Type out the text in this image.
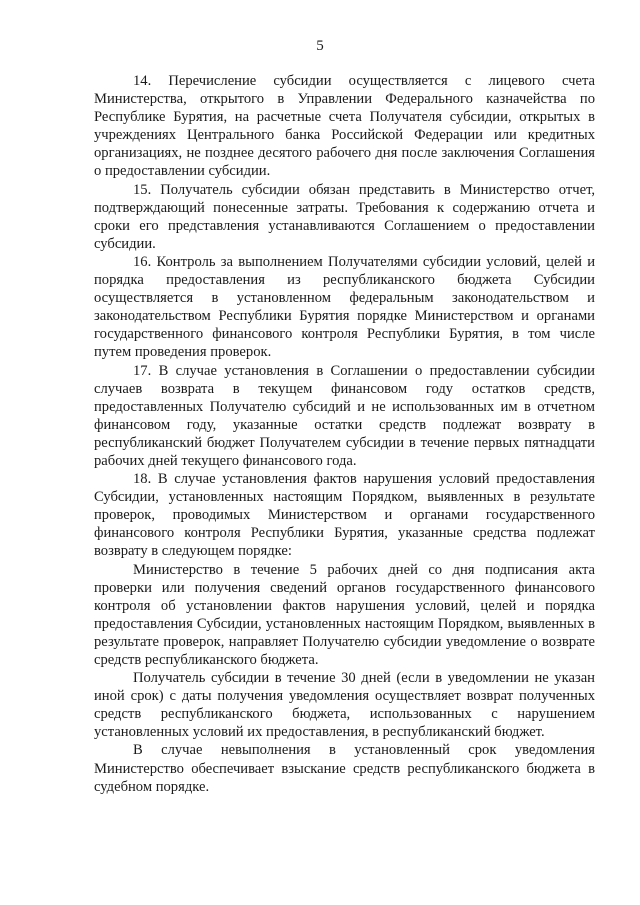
5

14. Перечисление субсидии осуществляется с лицевого счета Министерства, открытого в Управлении Федерального казначейства по Республике Бурятия, на расчетные счета Получателя субсидии, открытых в учреждениях Центрального банка Российской Федерации или кредитных организациях, не позднее десятого рабочего дня после заключения Соглашения о предоставлении субсидии.

15. Получатель субсидии обязан представить в Министерство отчет, подтверждающий понесенные затраты. Требования к содержанию отчета и сроки его представления устанавливаются Соглашением о предоставлении субсидии.

16. Контроль за выполнением Получателями субсидии условий, целей и порядка предоставления из республиканского бюджета Субсидии осуществляется в установленном федеральным законодательством и законодательством Республики Бурятия порядке Министерством и органами государственного финансового контроля Республики Бурятия, в том числе путем проведения проверок.

17. В случае установления в Соглашении о предоставлении субсидии случаев возврата в текущем финансовом году остатков средств, предоставленных Получателю субсидий и не использованных им в отчетном финансовом году, указанные остатки средств подлежат возврату в республиканский бюджет Получателем субсидии в течение первых пятнадцати рабочих дней текущего финансового года.

18. В случае установления фактов нарушения условий предоставления Субсидии, установленных настоящим Порядком, выявленных в результате проверок, проводимых Министерством и органами государственного финансового контроля Республики Бурятия, указанные средства подлежат возврату в следующем порядке:

Министерство в течение 5 рабочих дней со дня подписания акта проверки или получения сведений органов государственного финансового контроля об установлении фактов нарушения условий, целей и порядка предоставления Субсидии, установленных настоящим Порядком, выявленных в результате проверок, направляет Получателю субсидии уведомление о возврате средств республиканского бюджета.

Получатель субсидии в течение 30 дней (если в уведомлении не указан иной срок) с даты получения уведомления осуществляет возврат полученных средств республиканского бюджета, использованных с нарушением установленных условий их предоставления, в республиканский бюджет.

В случае невыполнения в установленный срок уведомления Министерство обеспечивает взыскание средств республиканского бюджета в судебном порядке.
